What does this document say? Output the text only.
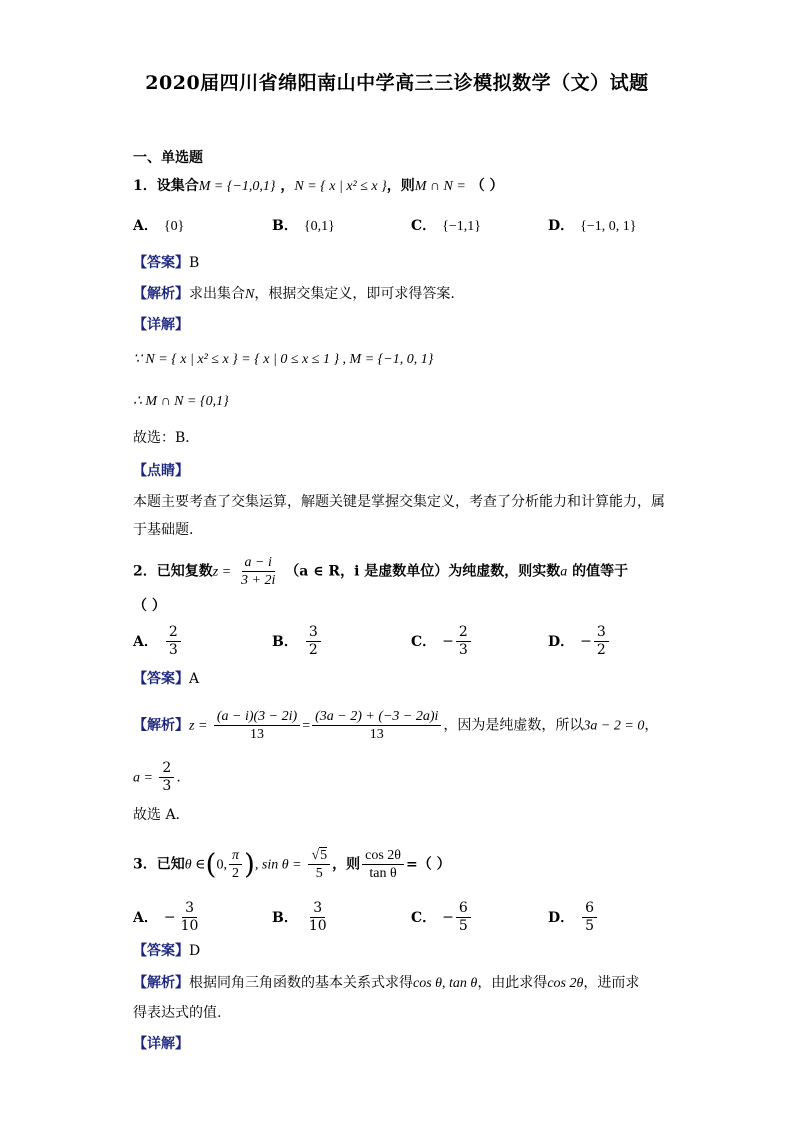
2020届四川省绵阳南山中学高三三诊模拟数学（文）试题
一、单选题
1．设集合M = {−1,0,1} ，N = { x | x² ≤ x }，则M ∩ N = （ ）
A． {0}	B． {0,1}	C． {−1,1}	D． {−1, 0, 1}
【答案】B
【解析】求出集合N，根据交集定义，即可求得答案.
【详解】
∵ N = { x | x² ≤ x } = { x | 0 ≤ x ≤ 1 } , M = {−1, 0, 1}
∴ M ∩ N = {0,1}
故选：B．
【点睛】
本题主要考查了交集运算，解题关键是掌握交集定义，考查了分析能力和计算能力，属
于基础题.
2．已知复数$z = \frac{a - i}{3 + 2i} (a$ ∈ R，i 是虚数单位）为纯虚数，则实数a 的值等于
（ ）
A． $\frac{2}{3}$	B． $\frac{3}{2}$	C． − $\frac{2}{3}$	D． − $\frac{3}{2}$
【答案】A
【解析】$z = \frac{(a - i)(3 - 2i)}{13} = \frac{(3a - 2) + (-3 - 2a)i}{13}$ ，因为是纯虚数，所以3a − 2 = 0，
$a = \frac{2}{3}$ .
故选 A．
3．已知θ ∈(0, $\frac{\pi}{2}$ ), $\sin \theta = \frac{√5}{5}$ ，则 $\frac{\cos 2\theta}{\text{tan θ}}$ =（ ）
A． − $\frac{3}{10}$	B． $\frac{3}{10}$	C． − $\frac{6}{5}$	D． $\frac{6}{5}$
【答案】D
【解析】根据同角三角函数的基本关系式求得cos θ, tan θ，由此求得cos 2θ，进而求
得表达式的值.
【详解】
